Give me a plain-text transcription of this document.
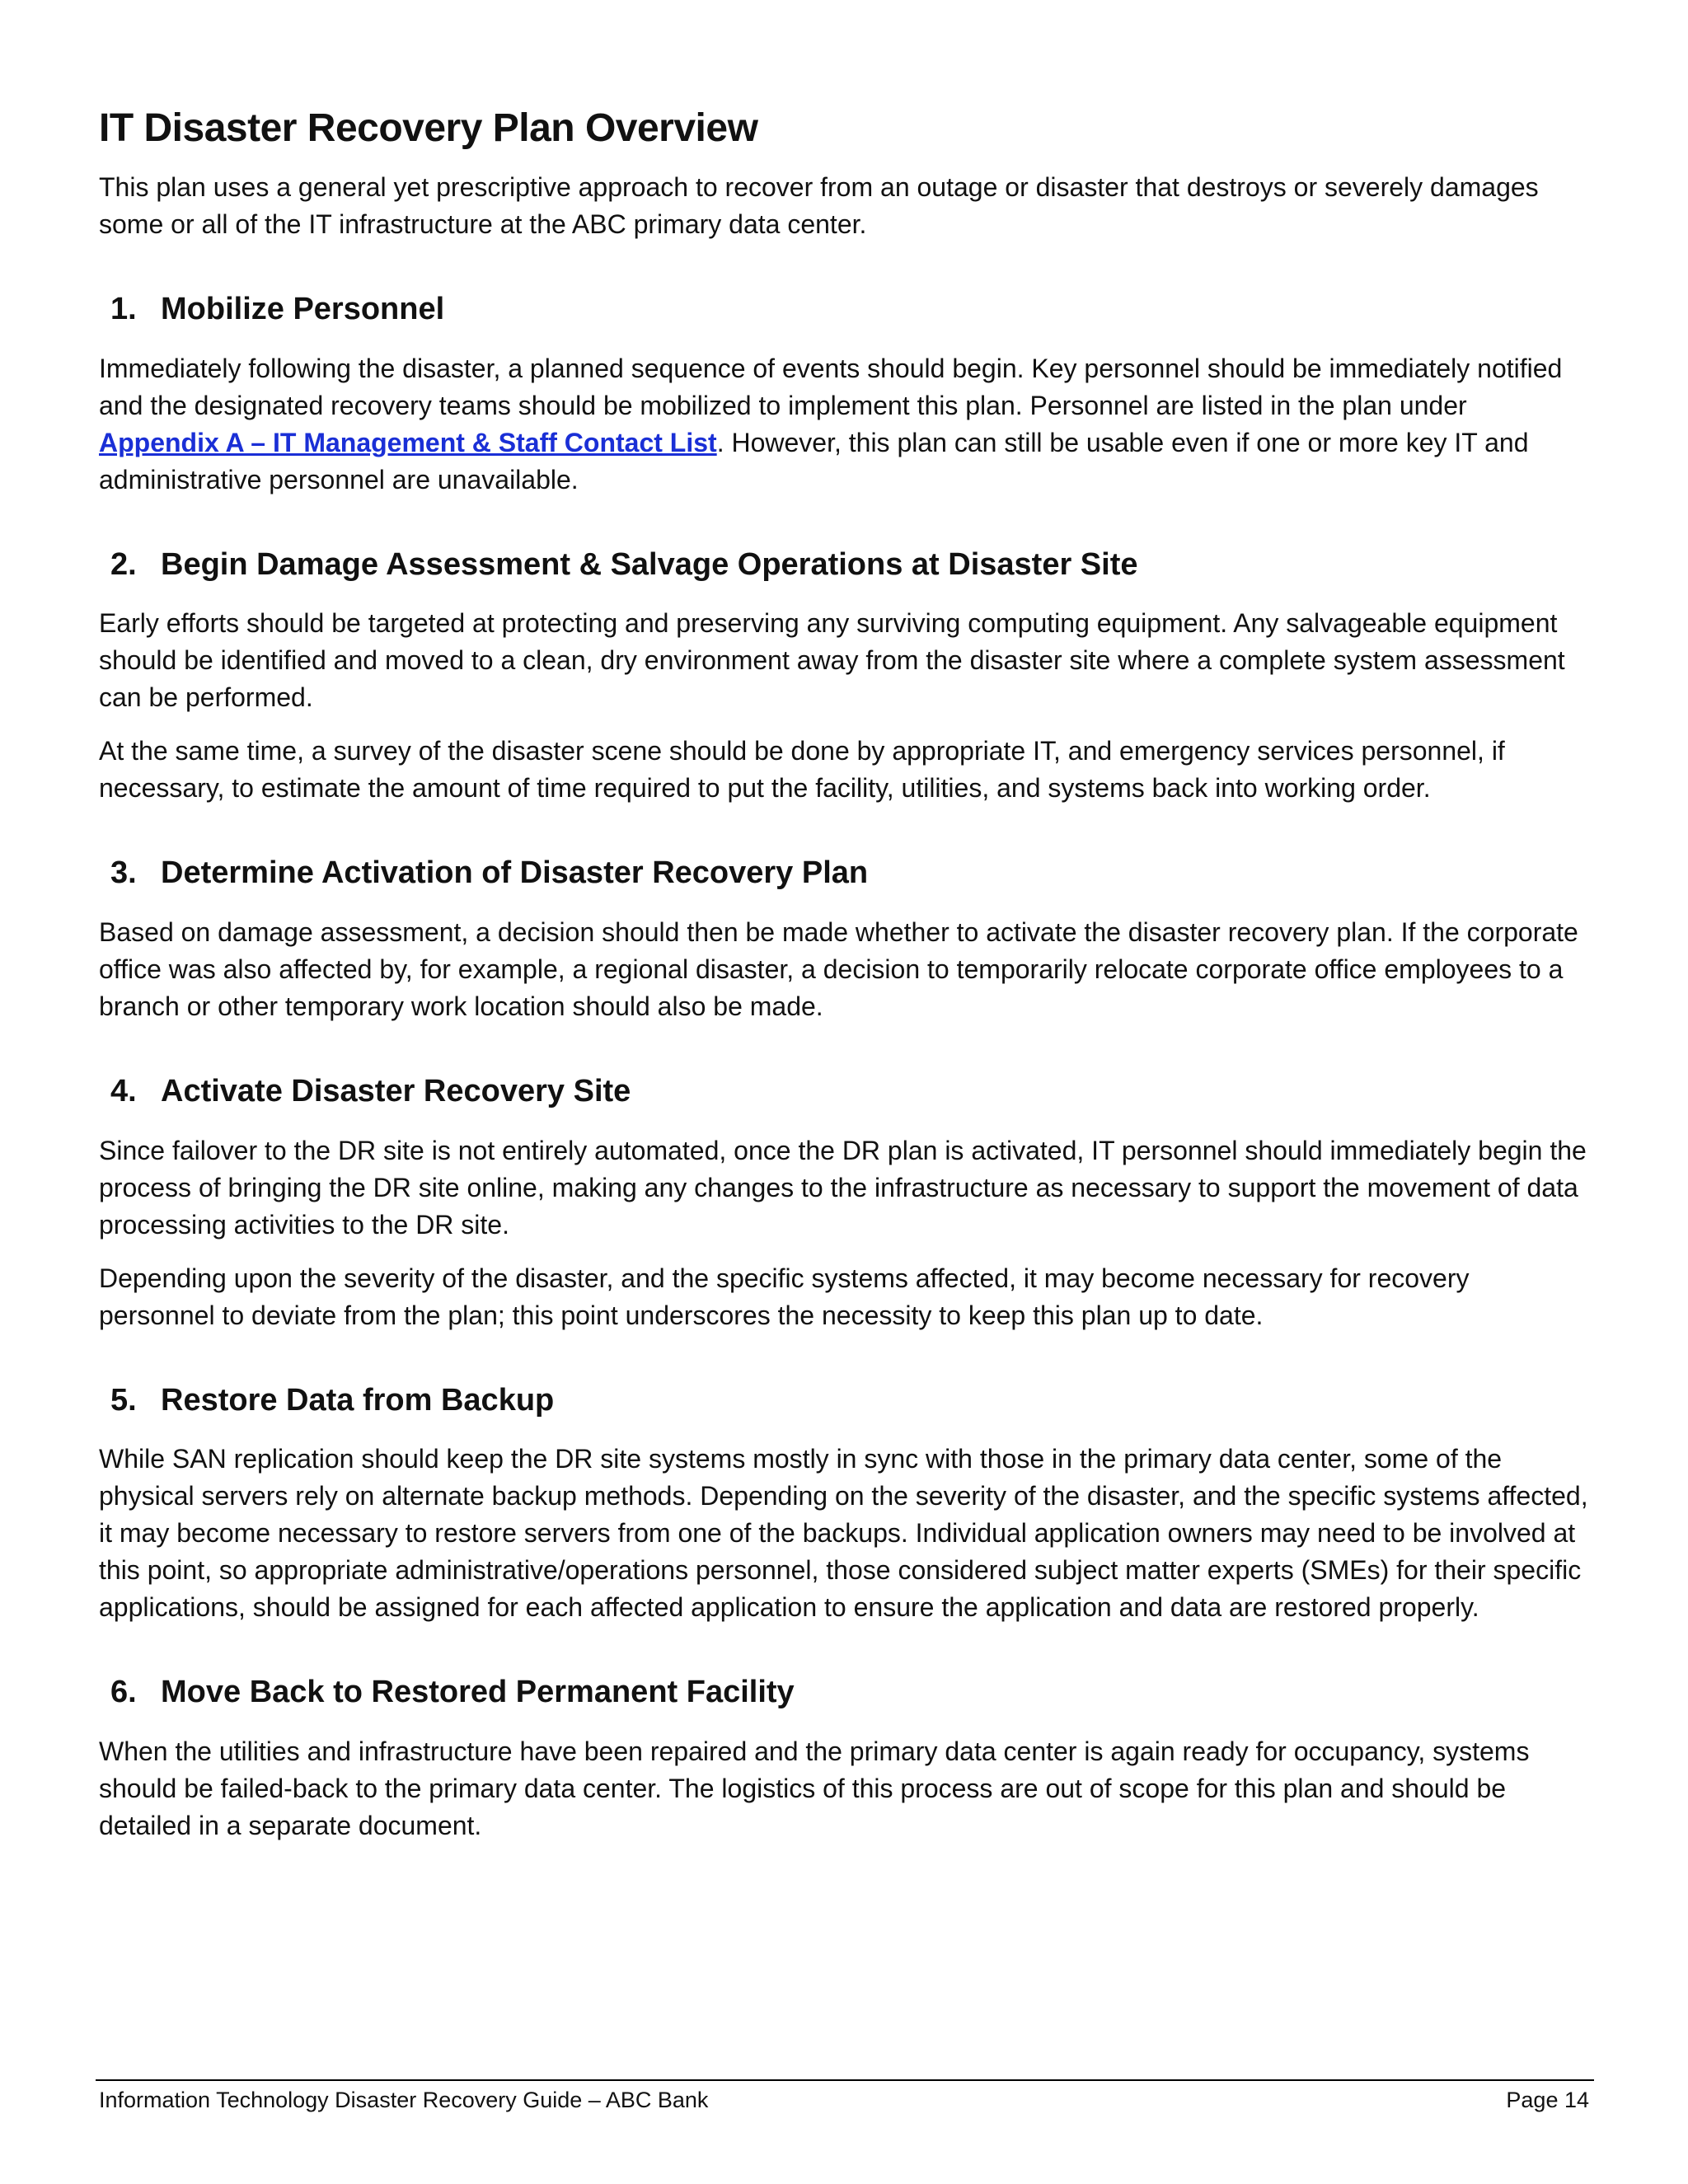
IT Disaster Recovery Plan Overview

This plan uses a general yet prescriptive approach to recover from an outage or disaster that destroys or severely damages some or all of the IT infrastructure at the ABC primary data center.

1. Mobilize Personnel

Immediately following the disaster, a planned sequence of events should begin. Key personnel should be immediately notified and the designated recovery teams should be mobilized to implement this plan. Personnel are listed in the plan under Appendix A – IT Management & Staff Contact List. However, this plan can still be usable even if one or more key IT and administrative personnel are unavailable.

2. Begin Damage Assessment & Salvage Operations at Disaster Site

Early efforts should be targeted at protecting and preserving any surviving computing equipment. Any salvageable equipment should be identified and moved to a clean, dry environment away from the disaster site where a complete system assessment can be performed.

At the same time, a survey of the disaster scene should be done by appropriate IT, and emergency services personnel, if necessary, to estimate the amount of time required to put the facility, utilities, and systems back into working order.

3. Determine Activation of Disaster Recovery Plan

Based on damage assessment, a decision should then be made whether to activate the disaster recovery plan. If the corporate office was also affected by, for example, a regional disaster, a decision to temporarily relocate corporate office employees to a branch or other temporary work location should also be made.

4. Activate Disaster Recovery Site

Since failover to the DR site is not entirely automated, once the DR plan is activated, IT personnel should immediately begin the process of bringing the DR site online, making any changes to the infrastructure as necessary to support the movement of data processing activities to the DR site.

Depending upon the severity of the disaster, and the specific systems affected, it may become necessary for recovery personnel to deviate from the plan; this point underscores the necessity to keep this plan up to date.

5. Restore Data from Backup

While SAN replication should keep the DR site systems mostly in sync with those in the primary data center, some of the physical servers rely on alternate backup methods. Depending on the severity of the disaster, and the specific systems affected, it may become necessary to restore servers from one of the backups. Individual application owners may need to be involved at this point, so appropriate administrative/operations personnel, those considered subject matter experts (SMEs) for their specific applications, should be assigned for each affected application to ensure the application and data are restored properly.

6. Move Back to Restored Permanent Facility

When the utilities and infrastructure have been repaired and the primary data center is again ready for occupancy, systems should be failed-back to the primary data center. The logistics of this process are out of scope for this plan and should be detailed in a separate document.

Information Technology Disaster Recovery Guide – ABC Bank	Page 14
